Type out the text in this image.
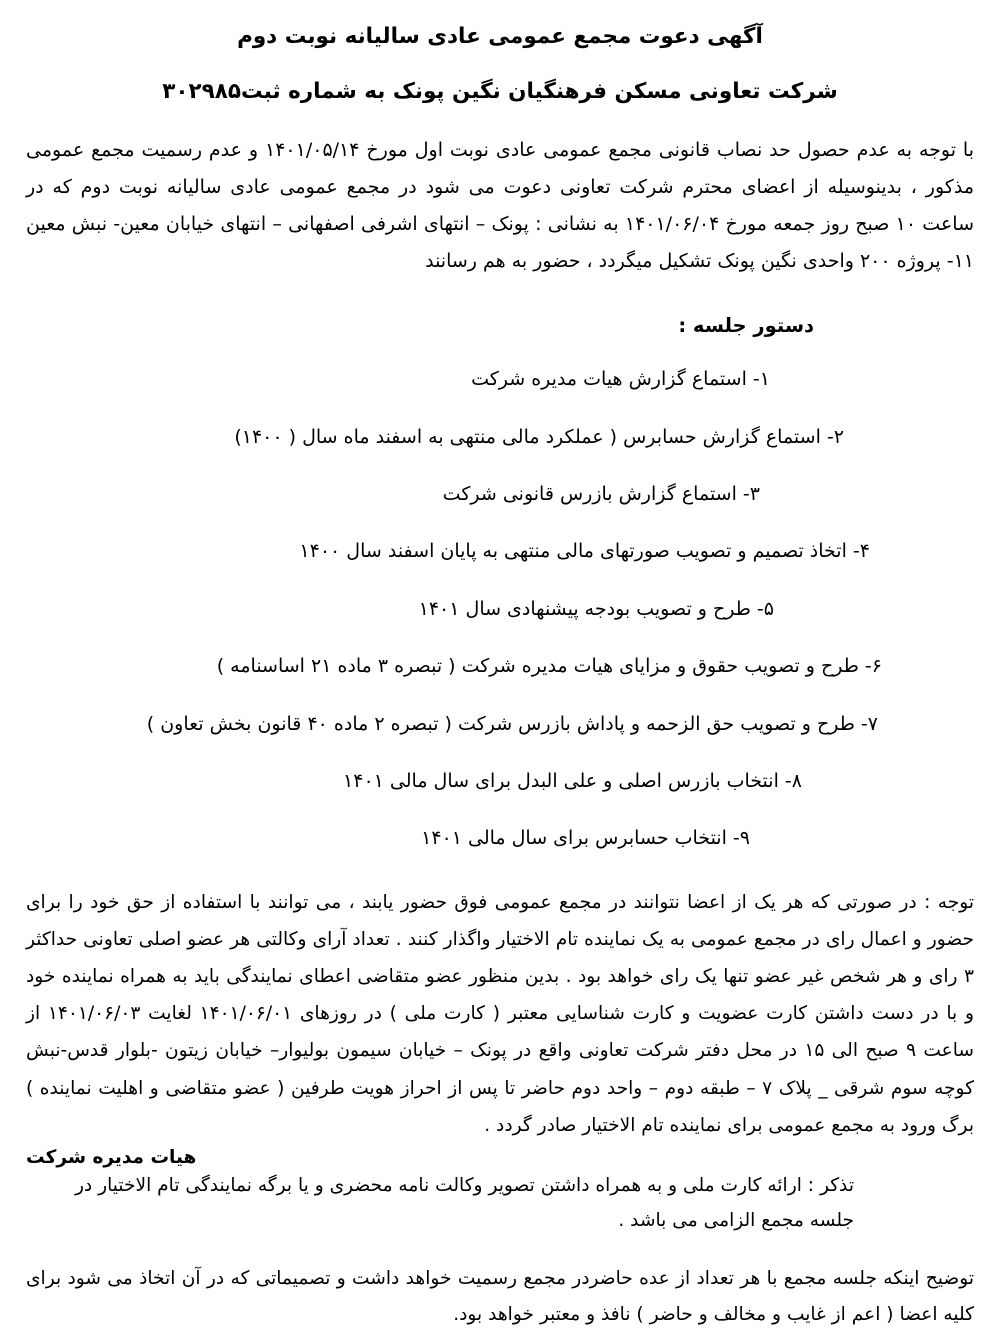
آگهی دعوت مجمع عمومی عادی سالیانه نوبت دوم
شرکت تعاونی مسکن فرهنگیان نگین پونک به شماره ثبت۳۰۲۹۸۵

با توجه به عدم حصول حد نصاب قانونی مجمع عمومی عادی نوبت اول مورخ ۱۴۰۱/۰۵/۱۴ و عدم رسمیت مجمع عمومی مذکور ، بدینوسیله از اعضای محترم شرکت تعاونی دعوت می شود در مجمع عمومی عادی سالیانه نوبت دوم که در ساعت ۱۰ صبح روز جمعه مورخ ۱۴۰۱/۰۶/۰۴ به نشانی : پونک – انتهای اشرفی اصفهانی – انتهای خیابان معین- نبش معین ۱۱- پروژه ۲۰۰ واحدی نگین پونک تشکیل میگردد ، حضور به هم رسانند

دستور جلسه :

۱- استماع گزارش هیات مدیره شرکت
۲- استماع گزارش حسابرس ( عملکرد مالی منتهی به اسفند ماه سال ( ۱۴۰۰)
۳- استماع گزارش بازرس قانونی شرکت
۴- اتخاذ تصمیم و تصویب صورتهای مالی منتهی به پایان اسفند سال ۱۴۰۰
۵- طرح و تصویب بودجه پیشنهادی سال ۱۴۰۱
۶- طرح و تصویب حقوق و مزایای هیات مدیره شرکت ( تبصره ۳ ماده ۲۱ اساسنامه )
۷- طرح و تصویب حق الزحمه و پاداش بازرس شرکت ( تبصره ۲ ماده ۴۰ قانون بخش تعاون )
۸- انتخاب بازرس اصلی و علی البدل برای سال مالی ۱۴۰۱
۹- انتخاب حسابرس برای سال مالی ۱۴۰۱

توجه : در صورتی که هر یک از اعضا نتوانند در مجمع عمومی فوق حضور یابند ، می توانند با استفاده از حق خود را برای حضور و اعمال رای در مجمع عمومی به یک نماینده تام الاختیار واگذار کنند . تعداد آرای وکالتی هر عضو اصلی تعاونی حداکثر ۳ رای و هر شخص غیر عضو تنها یک رای خواهد بود . بدین منظور عضو متقاضی اعطای نمایندگی باید به همراه نماینده خود و با در دست داشتن کارت عضویت و کارت شناسایی معتبر ( کارت ملی ) در روزهای ۱۴۰۱/۰۶/۰۱ لغایت ۱۴۰۱/۰۶/۰۳ از ساعت ۹ صبح الی ۱۵ در محل دفتر شرکت تعاونی واقع در پونک – خیابان سیمون بولیوار– خیابان زیتون -بلوار قدس-نبش کوچه سوم شرقی _ پلاک ۷ – طبقه دوم – واحد دوم حاضر تا پس از احراز هویت طرفین ( عضو متقاضی و اهلیت نماینده ) برگ ورود به مجمع عمومی برای نماینده تام الاختیار صادر گردد .

تذکر : ارائه کارت ملی و به همراه داشتن تصویر وکالت نامه محضری و یا برگه نمایندگی تام الاختیار در جلسه مجمع الزامی می باشد .

توضیح اینکه جلسه مجمع با هر تعداد از عده حاضردر مجمع رسمیت خواهد داشت و تصمیماتی که در آن اتخاذ می شود برای کلیه اعضا ( اعم از غایب و مخالف و حاضر ) نافذ و معتبر خواهد بود.

هیات مدیره شرکت
